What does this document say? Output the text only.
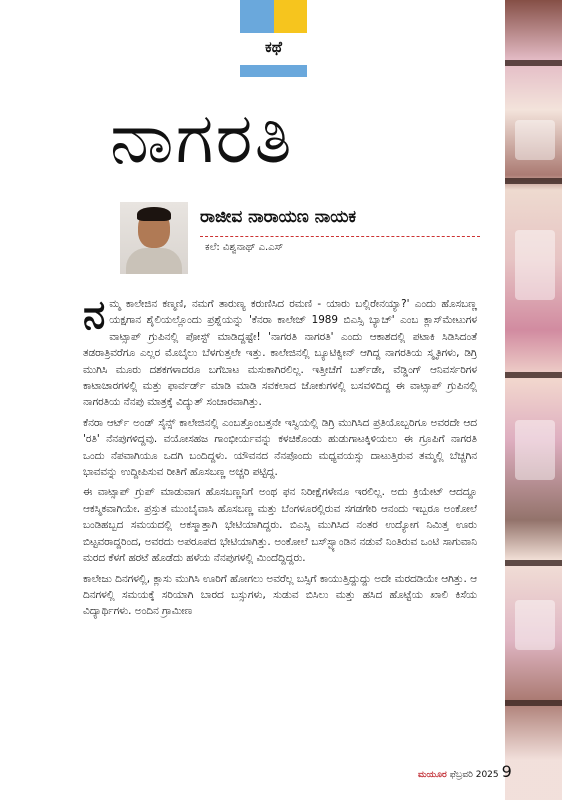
ಕಥೆ
ನಾಗರತಿ
ರಾಜೀವ ನಾರಾಯಣ ನಾಯಕ
ಕಲೆ: ವಿಶ್ವನಾಥ್ ಎ.ಎಸ್

ನ ಮ್ಮ ಕಾಲೇಜಿನ ಕಣ್ಮಣಿ, ನಮಗೆ ತಾರುಣ್ಯ ಕರುಣಿಸಿದ ರಮಣಿ - ಯಾರು ಬಲ್ಲಿರೇನಯ್ಯಾ?' ಎಂದು ಹೊಸಬಣ್ಣ ಯಕ್ಷಗಾನ ಶೈಲಿಯಲ್ಲೊಂದು ಪ್ರಶ್ನೆಯನ್ನು 'ಕೆನರಾ ಕಾಲೇಜ್ 1989 ಬಿಎಸ್ಸಿ ಬ್ಯಾಚ್' ಎಂಬ ಕ್ಲಾಸ್‌ಮೇಟುಗಳ ವಾಟ್ಸಾಪ್ ಗ್ರುಪಿನಲ್ಲಿ ಪೋಸ್ಟ್ ಮಾಡಿದ್ದಷ್ಟೇ! 'ನಾಗರತಿ ನಾಗರತಿ' ಎಂದು ಆಕಾಶದಲ್ಲಿ ಪಟಾಕಿ ಸಿಡಿಸಿದಂತೆ ತಡರಾತ್ರಿವರೆಗೂ ಎಲ್ಲರ ಮೊಬೈಲು ಬೆಳಗುತ್ತಲೇ ಇತ್ತು. ಕಾಲೇಜಿನಲ್ಲಿ ಬ್ಯೂಟಿಕ್ವೀನ್ ಆಗಿದ್ದ ನಾಗರತಿಯ ಸ್ಮೃತಿಗಳು, ಡಿಗ್ರಿ ಮುಗಿಸಿ ಮೂರು ದಶಕಗಳಾದರೂ ಬಗೆಬಾಟ ಮಸುಕಾಗಿರಲಿಲ್ಲ. ಇತ್ತೀಚೆಗೆ ಬರ್ತ್‌ಡೇ, ವೆಡ್ಡಿಂಗ್ ಆನಿವರ್ಸರಿಗಳ ಕಾಟಾಚಾರಗಳಲ್ಲಿ ಮತ್ತು ಫಾರ್ವರ್ಡ್ ಮಾಡಿ ಮಾಡಿ ಸವಕಲಾದ ಜೋಕುಗಳಲ್ಲಿ ಬಸವಳಿದಿದ್ದ ಈ ವಾಟ್ಸಾಪ್ ಗ್ರುಪಿನಲ್ಲಿ ನಾಗರತಿಯ ನೆನಪು ಮಾತ್ರಕ್ಕೆ ವಿದ್ಯುತ್ ಸಂಚಾರವಾಗಿತ್ತು.

ಕೆನರಾ ಆರ್ಟ್ ಅಂಡ್ ಸೈನ್ಸ್ ಕಾಲೇಜಿನಲ್ಲಿ ಎಂಬತ್ತೊಂಬತ್ತನೇ ಇಸ್ವಿಯಲ್ಲಿ ಡಿಗ್ರಿ ಮುಗಿಸಿದ ಪ್ರತಿಯೊಬ್ಬರಿಗೂ ಅವರದೇ ಆದ 'ರತಿ' ನೆನಪುಗಳಿದ್ದವು. ವಯೋಸಹಜ ಗಾಂಭೀರ್ಯವನ್ನು ಕಳಚಿಕೊಂಡು ಹುಡುಗಾಟಕ್ಕಿಳಿಯಲು ಈ ಗ್ರೂಪಿಗೆ ನಾಗರತಿ ಒಂದು ನೆಪವಾಗಿಯೂ ಒದಗಿ ಬಂದಿದ್ದಳು. ಯೌವನದ ನೆನಪೊಂದು ಮಧ್ಯವಯಸ್ಸು ದಾಟುತ್ತಿರುವ ತಮ್ಮಲ್ಲಿ ಬೆಚ್ಚಗಿನ ಭಾವವನ್ನು ಉದ್ದೀಪಿಸುವ ರೀತಿಗೆ ಹೊಸಬಣ್ಣ ಅಚ್ಚರಿ ಪಟ್ಟಿದ್ದ.

ಈ ವಾಟ್ಸಾಪ್ ಗ್ರುಪ್ ಮಾಡುವಾಗ ಹೊಸಬಣ್ಣನಿಗೆ ಅಂಥ ಫನ ನಿರೀಕ್ಷೆಗಳೇನೂ ಇರಲಿಲ್ಲ. ಅದು ಕ್ರಿಯೇಟ್ ಆದದ್ದೂ ಆಕಸ್ಮಿಕವಾಗಿಯೇ. ಪ್ರಸ್ತುತ ಮುಂಬೈವಾಸಿ ಹೊಸಬಣ್ಣ ಮತ್ತು ಬೆಂಗಳೂರಲ್ಲಿರುವ ಸಗಡಗೇರಿ ಆನಂದು ಇಬ್ಬರೂ ಅಂಕೋಲೆ ಬಂಡಿಹಬ್ಬದ ಸಮಯದಲ್ಲಿ ಅಕಸ್ಮಾತ್ತಾಗಿ ಭೇಟಿಯಾಗಿದ್ದರು. ಬಿಎಸ್ಸಿ ಮುಗಿಸಿದ ನಂತರ ಉದ್ಯೋಗ ನಿಮಿತ್ತ ಊರು ಬಿಟ್ಟವರಾದ್ದರಿಂದ, ಅವರದು ಅಪರೂಪದ ಭೇಟಿಯಾಗಿತ್ತು. ಅಂಕೋಲೆ ಬಸ್‌ಸ್ಟ್ಯಾಂಡಿನ ನಡುವೆ ನಿಂತಿರುವ ಒಂಟಿ ಸಾಗುವಾನಿ ಮರದ ಕೆಳಗೆ ಹರಟೆ ಹೊಡೆದು ಹಳೆಯ ನೆನಪುಗಳಲ್ಲಿ ಮಿಂದೆದ್ದಿದ್ದರು.

ಕಾಲೇಜು ದಿನಗಳಲ್ಲಿ, ಕ್ಲಾಸು ಮುಗಿಸಿ ಊರಿಗೆ ಹೋಗಲು ಅವರೆಲ್ಲ ಬಸ್ಸಿಗೆ ಕಾಯುತ್ತಿದ್ದುದ್ದು ಅದೇ ಮರದಡಿಯೇ ಆಗಿತ್ತು. ಆ ದಿನಗಳಲ್ಲಿ ಸಮಯಕ್ಕೆ ಸರಿಯಾಗಿ ಬಾರದ ಬಸ್ಸುಗಳು, ಸುಡುವ ಬಿಸಿಲು ಮತ್ತು ಹಸಿದ ಹೊಟ್ಟೆಯ ಖಾಲಿ ಕಿಸೆಯ ವಿದ್ಯಾರ್ಥಿಗಳು. ಅಂದಿನ ಗ್ರಾಮೀಣ

ಮಯೂರ ಫೆಬ್ರವರಿ 2025 9
